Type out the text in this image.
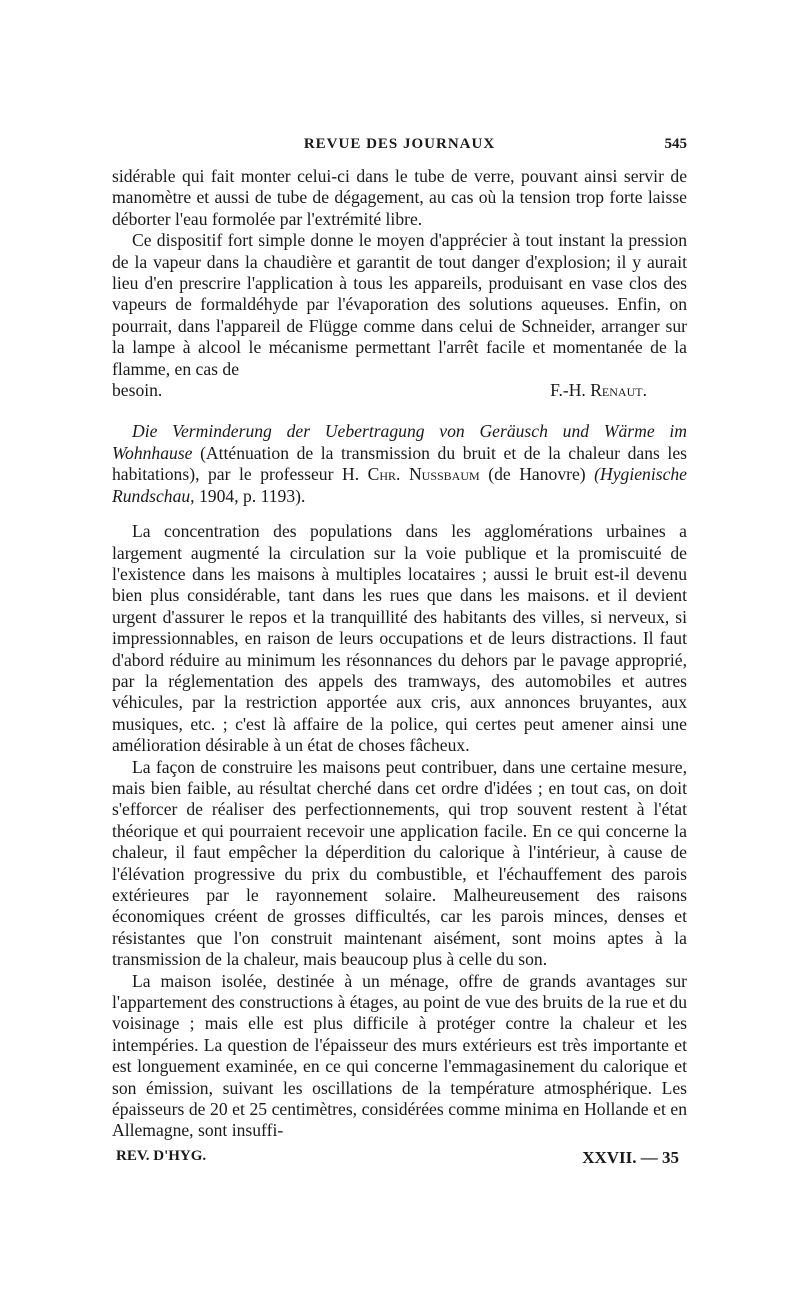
REVUE DES JOURNAUX	545

sidérable qui fait monter celui-ci dans le tube de verre, pouvant ainsi servir de manomètre et aussi de tube de dégagement, au cas où la tension trop forte laisse déborter l'eau formolée par l'extrémité libre.

Ce dispositif fort simple donne le moyen d'apprécier à tout instant la pression de la vapeur dans la chaudière et garantit de tout danger d'explosion; il y aurait lieu d'en prescrire l'application à tous les appareils, produisant en vase clos des vapeurs de formaldéhyde par l'évaporation des solutions aqueuses. Enfin, on pourrait, dans l'appareil de Flügge comme dans celui de Schneider, arranger sur la lampe à alcool le mécanisme permettant l'arrêt facile et momentanée de la flamme, en cas de

besoin.	F.-H. Renaut.

Die Verminderung der Uebertragung von Geräusch und Wärme im Wohnhause (Atténuation de la transmission du bruit et de la chaleur dans les habitations), par le professeur H. Chr. Nussbaum (de Hanovre) (Hygienische Rundschau, 1904, p. 1193).

La concentration des populations dans les agglomérations urbaines a largement augmenté la circulation sur la voie publique et la promiscuité de l'existence dans les maisons à multiples locataires ; aussi le bruit est-il devenu bien plus considérable, tant dans les rues que dans les maisons. et il devient urgent d'assurer le repos et la tranquillité des habitants des villes, si nerveux, si impressionnables, en raison de leurs occupations et de leurs distractions. Il faut d'abord réduire au minimum les résonnances du dehors par le pavage approprié, par la réglementation des appels des tramways, des automobiles et autres véhicules, par la restriction apportée aux cris, aux annonces bruyantes, aux musiques, etc. ; c'est là affaire de la police, qui certes peut amener ainsi une amélioration désirable à un état de choses fâcheux.

La façon de construire les maisons peut contribuer, dans une certaine mesure, mais bien faible, au résultat cherché dans cet ordre d'idées ; en tout cas, on doit s'efforcer de réaliser des perfectionnements, qui trop souvent restent à l'état théorique et qui pourraient recevoir une application facile. En ce qui concerne la chaleur, il faut empêcher la déperdition du calorique à l'intérieur, à cause de l'élévation progressive du prix du combustible, et l'échauffement des parois extérieures par le rayonnement solaire. Malheureusement des raisons économiques créent de grosses difficultés, car les parois minces, denses et résistantes que l'on construit maintenant aisément, sont moins aptes à la transmission de la chaleur, mais beaucoup plus à celle du son.

La maison isolée, destinée à un ménage, offre de grands avantages sur l'appartement des constructions à étages, au point de vue des bruits de la rue et du voisinage ; mais elle est plus difficile à protéger contre la chaleur et les intempéries. La question de l'épaisseur des murs extérieurs est très importante et est longuement examinée, en ce qui concerne l'emmagasinement du calorique et son émission, suivant les oscillations de la température atmosphérique. Les épaisseurs de 20 et 25 centimètres, considérées comme minima en Hollande et en Allemagne, sont insuffi-

REV. D'HYG.	XXVII. — 35
